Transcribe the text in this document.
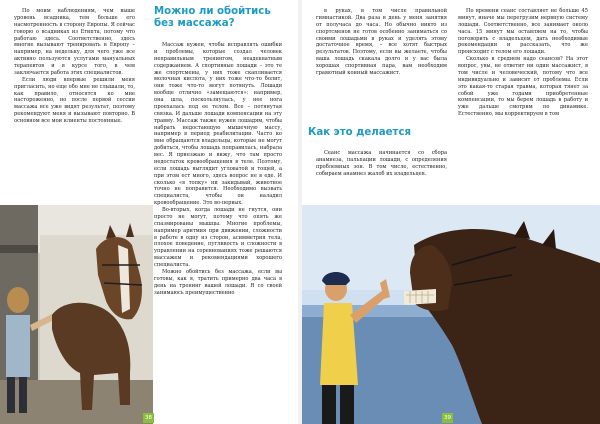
По моим наблюдениям, чем выше уровень всадника, тем больше его насмотренность в сторону Европы. Я сейчас говорю о всадниках из Египта, потому что работаю здесь. Соответственно, здесь многие вызывают тренировать в Европу – например, на недельку, для чего уже все активно пользуются услугами мануальных терапевтов и в курсе того, в чем заключается работа этих специалистов.

Если люди впервые решили меня пригласить, но еще обо мне не слышали, то, как правило, относятся ко мне настороженно, но после первой сессии массажа все уже видят результат, поэтому рекомендуют меня и вызывают повторно. В основном все мои клиенты постоянные.

Можно ли обойтись без массажа?

Массаж нужен, чтобы исправлять ошибки и проблемы, которые создал человек неправильным тренингом, неадекватным содержанием. А спортивные лошади – это те же спортсмены, у них тоже скапливается молочная кислота, у них тоже что-то болит, они тоже что-то могут потянуть. Лошади вообще отлично «замещаются»: например, она шла, поскользнулась, у нее нога проехалась под ее телом. Все – потянутая связка. И дальше лошади компенсации на эту травму. Массаж также нужен лошадям, чтобы набрать недостающую мышечную массу, например в период реабилитации. Часто ко мне обращаются владельцы, которые не могут добиться, чтобы лошадь поправилась, набрала вес. Я приезжаю и вижу, что там просто недостаток кровообращения в теле. Поэтому, если лошадь выглядит угловатой и тощей, а при этом ест много, здесь вопрос не в еде. И сколько «в топку» ни закидывай, животное точно не поправится. Необходимо вызвать специалиста, чтобы он наладил кровообращение. Это во-первых.

Во-вторых, когда лошади не гнутся, они просто не могут, потому что опять же спазмированы мышцы. Многие проблемы, например аритмия при движении, сложности в работе в одну из сторон, асимметрия тела, плохое поведение, пугливость и сложности в управлении на соревнованиях тоже решаются массажем и рекомендациями хорошего специалиста.

Можно обойтись без массажа, если вы готовы, как я, тратить примерно два часа в день на тренинг вашей лошади. Я со своей занимаюсь преимущественно

38

в руках, в том числе правильной гимнастикой. Два раза в день у меня занятия от получаса до часа. Но обычно никто из спортсменов не готов особенно заниматься со своими лошадьми в руках и уделять этому достаточное время, – все хотят быстрых результатов. Поэтому, если вы желаете, чтобы ваша лошадь скакала долго и у вас была хорошая спортивная пара, вам необходим грамотный конный массажист.

Как это делается

Сеанс массажа начинается со сбора анамнеза, пальпации лошади, с определения проблемных зон. В том числе, естественно, собираем анамнез жалоб их владельцев.

По времени сеанс составляет не больше 45 минут, иначе мы перегрузим нервную систему лошади. Соответственно, все занимает около часа. 15 минут мы оставляем на то, чтобы поговорить с владельцем, дать необходимые рекомендации и рассказать, что же происходит с телом его лошади.

Сколько в среднем надо сеансов? На этот вопрос, увы, не ответит ни один массажист, в том числе и человеческий, потому что все индивидуально и зависит от проблемы. Если это какая-то старая травма, которая тянет за собой уже годами приобретенные компенсации, то мы берем лошадь в работу и уже дальше смотрим по динамике. Естественно, мы корректируем в том

39
